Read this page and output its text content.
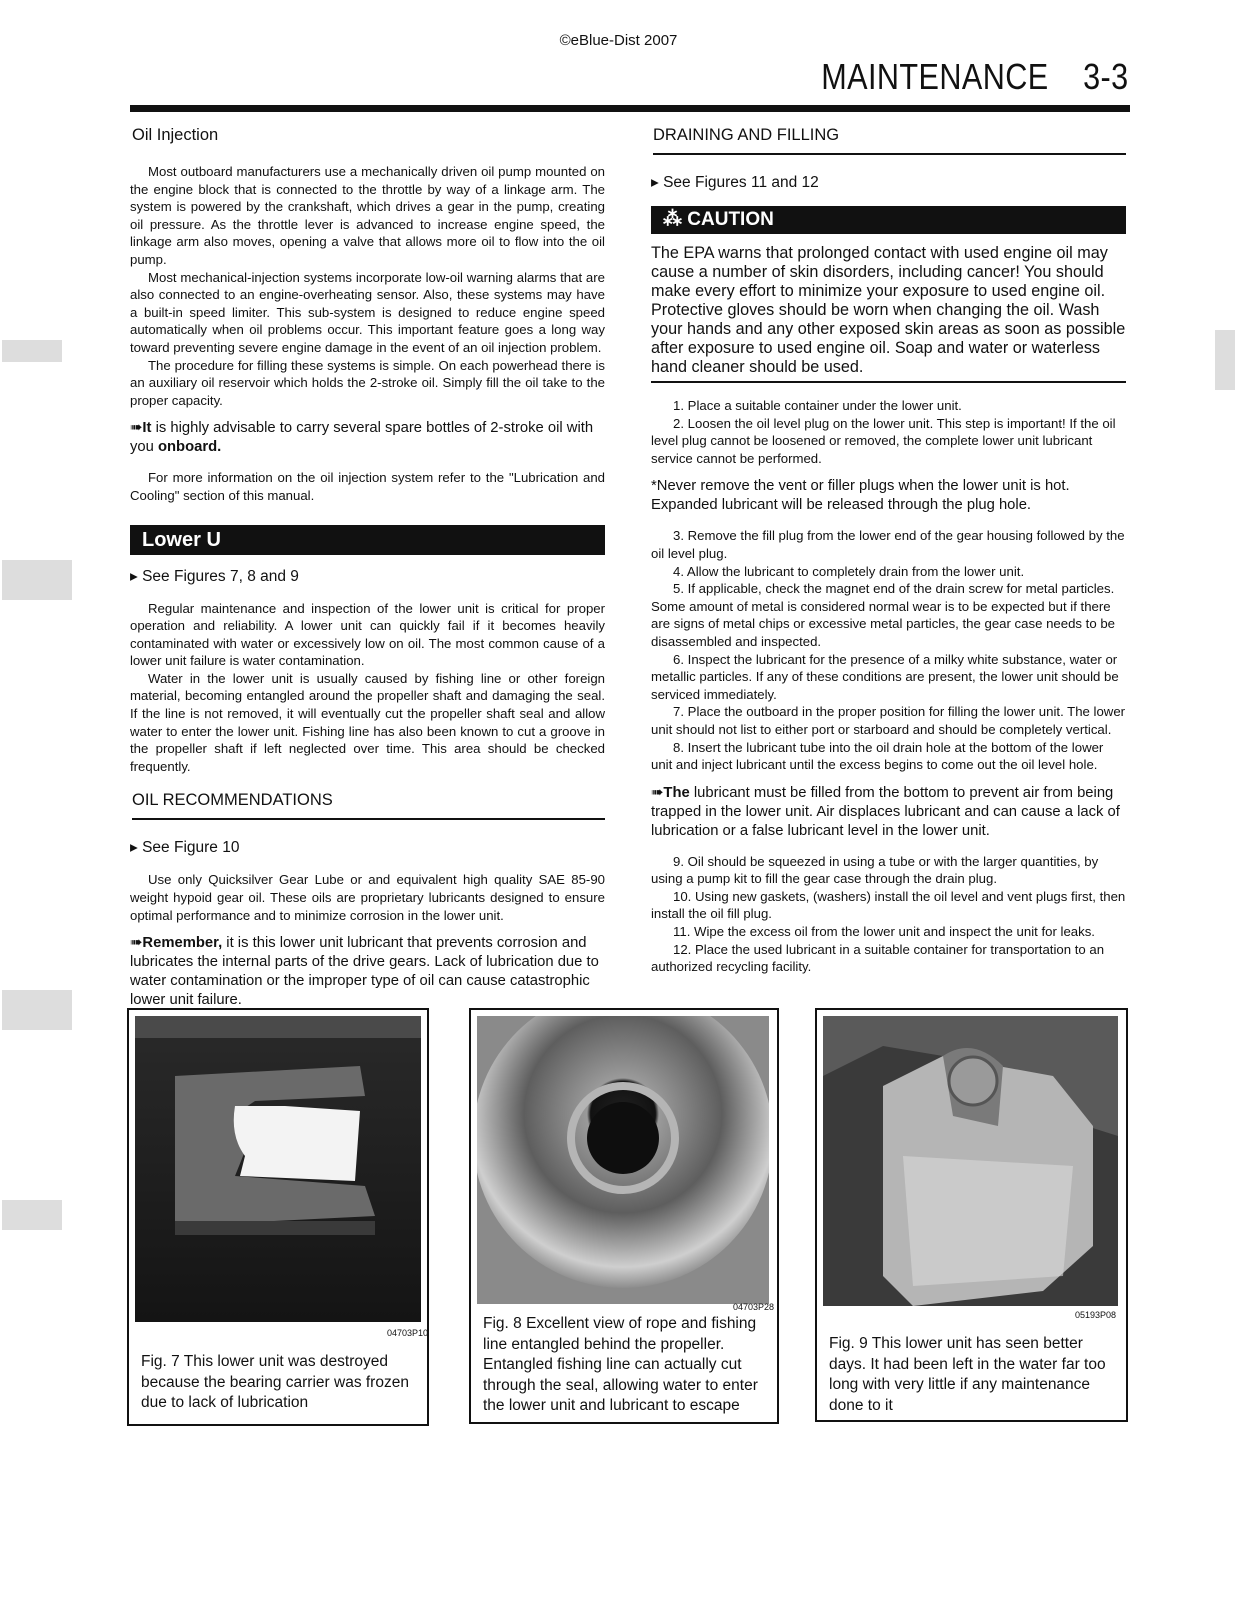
©eBlue-Dist 2007
MAINTENANCE 3-3
Oil Injection

Most outboard manufacturers use a mechanically driven oil pump mounted on the engine block that is connected to the throttle by way of a linkage arm. The system is powered by the crankshaft, which drives a gear in the pump, creating oil pressure. As the throttle lever is advanced to increase engine speed, the linkage arm also moves, opening a valve that allows more oil to flow into the oil pump.

Most mechanical-injection systems incorporate low-oil warning alarms that are also connected to an engine-overheating sensor. Also, these systems may have a built-in speed limiter. This sub-system is designed to reduce engine speed automatically when oil problems occur. This important feature goes a long way toward preventing severe engine damage in the event of an oil injection problem.

The procedure for filling these systems is simple. On each powerhead there is an auxiliary oil reservoir which holds the 2-stroke oil. Simply fill the oil take to the proper capacity.

➠It is highly advisable to carry several spare bottles of 2-stroke oil with you onboard.

For more information on the oil injection system refer to the "Lubrication and Cooling" section of this manual.

Lower U
▸ See Figures 7, 8 and 9

Regular maintenance and inspection of the lower unit is critical for proper operation and reliability. A lower unit can quickly fail if it becomes heavily contaminated with water or excessively low on oil. The most common cause of a lower unit failure is water contamination.

Water in the lower unit is usually caused by fishing line or other foreign material, becoming entangled around the propeller shaft and damaging the seal. If the line is not removed, it will eventually cut the propeller shaft seal and allow water to enter the lower unit. Fishing line has also been known to cut a groove in the propeller shaft if left neglected over time. This area should be checked frequently.

OIL RECOMMENDATIONS
▸ See Figure 10

Use only Quicksilver Gear Lube or and equivalent high quality SAE 85-90 weight hypoid gear oil. These oils are proprietary lubricants designed to ensure optimal performance and to minimize corrosion in the lower unit.

➠Remember, it is this lower unit lubricant that prevents corrosion and lubricates the internal parts of the drive gears. Lack of lubrication due to water contamination or the improper type of oil can cause catastrophic lower unit failure.
DRAINING AND FILLING
▸ See Figures 11 and 12
⁂ CAUTION
The EPA warns that prolonged contact with used engine oil may cause a number of skin disorders, including cancer! You should make every effort to minimize your exposure to used engine oil. Protective gloves should be worn when changing the oil. Wash your hands and any other exposed skin areas as soon as possible after exposure to used engine oil. Soap and water or waterless hand cleaner should be used.

1. Place a suitable container under the lower unit.

2. Loosen the oil level plug on the lower unit. This step is important! If the oil level plug cannot be loosened or removed, the complete lower unit lubricant service cannot be performed.

*Never remove the vent or filler plugs when the lower unit is hot. Expanded lubricant will be released through the plug hole.

3. Remove the fill plug from the lower end of the gear housing followed by the oil level plug.

4. Allow the lubricant to completely drain from the lower unit.

5. If applicable, check the magnet end of the drain screw for metal particles. Some amount of metal is considered normal wear is to be expected but if there are signs of metal chips or excessive metal particles, the gear case needs to be disassembled and inspected.

6. Inspect the lubricant for the presence of a milky white substance, water or metallic particles. If any of these conditions are present, the lower unit should be serviced immediately.

7. Place the outboard in the proper position for filling the lower unit. The lower unit should not list to either port or starboard and should be completely vertical.

8. Insert the lubricant tube into the oil drain hole at the bottom of the lower unit and inject lubricant until the excess begins to come out the oil level hole.

➠The lubricant must be filled from the bottom to prevent air from being trapped in the lower unit. Air displaces lubricant and can cause a lack of lubrication or a false lubricant level in the lower unit.

9. Oil should be squeezed in using a tube or with the larger quantities, by using a pump kit to fill the gear case through the drain plug.

10. Using new gaskets, (washers) install the oil level and vent plugs first, then install the oil fill plug.

11. Wipe the excess oil from the lower unit and inspect the unit for leaks.

12. Place the used lubricant in a suitable container for transportation to an authorized recycling facility.

04703P10
Fig. 7 This lower unit was destroyed because the bearing carrier was frozen due to lack of lubrication
04703P28
Fig. 8 Excellent view of rope and fishing line entangled behind the propeller. Entangled fishing line can actually cut through the seal, allowing water to enter the lower unit and lubricant to escape
05193P08
Fig. 9 This lower unit has seen better days. It had been left in the water far too long with very little if any maintenance done to it
